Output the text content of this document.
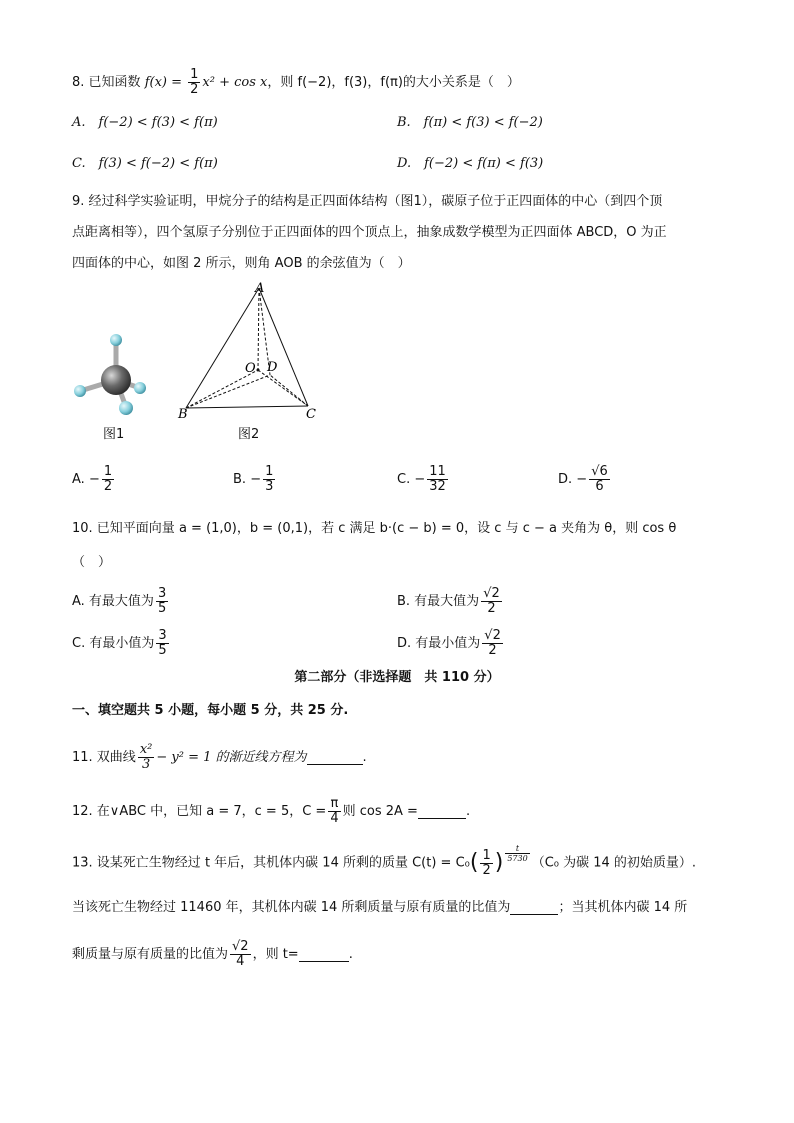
8. 已知函数 $f(x) = \frac{1}{2} x^2 + \cos x$，则 f(−2)，f(3)，f(π)的大小关系是（　）
A.　f(−2) < f(3) < f(π)	B.　f(π) < f(3) < f(−2)
C.　f(3) < f(−2) < f(π)	D.　f(−2) < f(π) < f(3)
9. 经过科学实验证明，甲烷分子的结构是正四面体结构（图1），碳原子位于正四面体的中心（到四个顶
点距离相等），四个氢原子分别位于正四面体的四个顶点上，抽象成数学模型为正四面体 ABCD，O 为正
四面体的中心，如图 2 所示，则角 AOB 的余弦值为（　）
图1
A
B	C
D
O
图2
A. − $\frac{1}{2}$	B. − $\frac{1}{3}$	C. − $\frac{11}{32}$	D. − $\frac{√6}{6}$
10. 已知平面向量 a = (1,0)，b = (0,1)，若 c 满足 b·(c − b) = 0，设 c 与 c − a 夹角为 θ，则 cos θ
（　）
A. 有最大值为 $\frac{3}{5}$	B. 有最大值为 $\frac{√2}{2}$
C. 有最小值为 $\frac{3}{5}$	D. 有最小值为 $\frac{√2}{2}$
第二部分（非选择题　共 110 分）
一、填空题共 5 小题，每小题 5 分，共 25 分.
11. 双曲线 $\frac{\text{x²}}{3} - y^2 = 1$ 的渐近线方程为	.
12. 在∨ABC 中，已知 a = 7，c = 5，$C = \frac{\pi}{4}$ 则 cos 2A =	.
13. 设某死亡生物经过 t 年后，其机体内碳 14 所剩的质量 $C(t) = C_0( \frac{1}{2}$ ) $\frac{t}{5730} (C_0$ 为碳 14 的初始质量）.
当该死亡生物经过 11460 年，其机体内碳 14 所剩质量与原有质量的比值为	；当其机体内碳 14 所
剩质量与原有质量的比值为 $\frac{√2}{4}$ ，则 t=	.
